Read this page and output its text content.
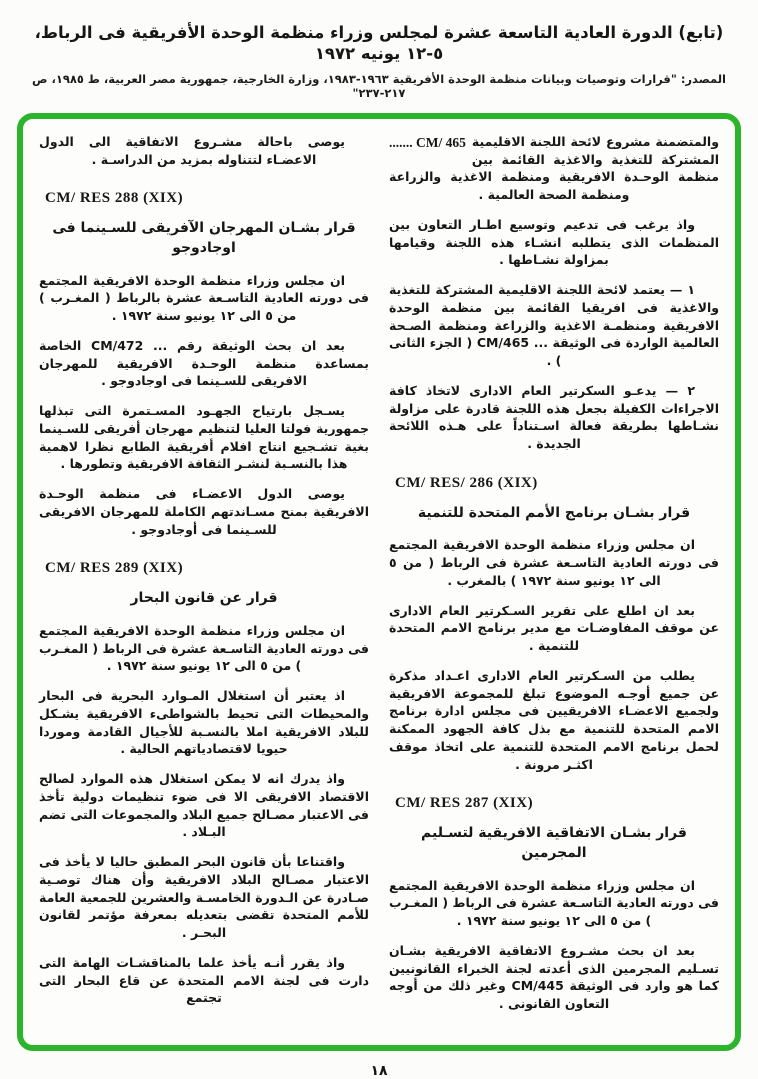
(تابع) الدورة العادية التاسعة عشرة لمجلس وزراء منظمة الوحدة الأفريقية فى الرباط، ٥-١٢ يونيه ١٩٧٢
المصدر: "قرارات وتوصيات وبيانات منظمة الوحدة الأفريقية ١٩٦٣-١٩٨٣، وزارة الخارجية، جمهورية مصر العربية، ط ١٩٨٥، ص ٢١٧-٢٣٧"

....... CM/ 465 والمتضمنة مشروع لائحة اللجنة الاقليمية المشتركة للتغذية والاغذية القائمة بين منظمة الوحـدة الافريقية ومنظمة الاغذية والزراعة ومنظمة الصحة العالمية .

واذ يرغب فى تدعيم وتوسيع اطـار التعاون بين المنظمات الذى يتطلبه انشـاء هذه اللجنة وقيامها بمزاولة نشـاطها .

١ — يعتمد لائحة اللجنة الاقليمية المشتركة للتغذية والاغذية فى افريقيا القائمة بين منظمة الوحدة الافريقية ومنظمـة الاغذية والزراعة ومنظمة الصـحة العالمية الواردة فى الوثيقة ... CM/465 ( الجزء الثانى ) .

٢ — يدعـو السكرتير العام الادارى لاتخاذ كافة الاجراءات الكفيلة بجعل هذه اللجنة قادرة على مزاولة نشـاطها بطريقة فعالة اسـتناداً على هـذه اللائحة الجديدة .

CM/ RES/ 286 (XIX)
قرار بشـان برنامج الأمم المتحدة للتنمية

ان مجلس وزراء منظمة الوحدة الافريقية المجتمع فى دورته العادية التاسـعة عشرة فى الرباط ( من ٥ الى ١٢ يونيو سنة ١٩٧٢ ) بالمغرب .

بعد ان اطلع على تقرير السـكرتير العام الادارى عن موقف المفاوضـات مع مدير برنامج الامم المتحدة للتنمية .

يطلب من السـكرتير العام الادارى اعـداد مذكرة عن جميع أوجـه الموضوع تبلغ للمجموعة الافريقية ولجميع الاعضـاء الافريقيين فى مجلس ادارة برنامج الامم المتحدة للتنمية مع بذل كافة الجهود الممكنة لحمل برنامج الامم المتحدة للتنمية على اتخاذ موقف اكثـر مرونة .

CM/ RES 287 (XIX)
قرار بشـان الاتفاقية الافريقية لتسـليم المجرمين

ان مجلس وزراء منظمة الوحدة الافريقية المجتمع فى دورته العادية التاسـعة عشرة فى الرباط ( المغـرب ) من ٥ الى ١٢ يونيو سنة ١٩٧٢ .

بعد ان بحث مشـروع الاتفاقية الافريقية بشـان تسـليم المجرمين الذى أعدته لجنة الخبراء القانونيين كما هو وارد فى الوثيقة CM/445 وغير ذلك من أوجه التعاون القانونى .

يوصى باحالة مشـروع الاتفاقية الى الدول الاعضـاء لتتناوله بمزيد من الدراسـة .

CM/ RES 288 (XIX)
قرار بشـان المهرجان الآفريقى للسـينما فى اوجادوجو

ان مجلس وزراء منظمة الوحدة الافريقية المجتمع فى دورته العادية التاسـعة عشرة بالرباط ( المغـرب ) من ٥ الى ١٢ يونيو سنة ١٩٧٢ .

بعد ان بحث الوثيقة رقم ... CM/472 الخاصة بمساعدة منظمة الوحـدة الافريقية للمهرجان الافريقى للسـينما فى اوجادوجو .

يسـجل بارتياح الجهـود المسـتمرة التى تبذلها جمهورية فولتا العليا لتنظيم مهرجان أفريقى للسـينما بغية تشـجيع انتاج افلام أفريقية الطابع نظرا لاهمية هذا بالنسـبة لنشـر الثقافة الافريقية وتطورها .

يوصى الدول الاعضـاء فى منظمة الوحـدة الافريقية بمنح مسـاندتهم الكاملة للمهرجان الافريقى للسـينما فى أوجادوجو .

CM/ RES 289 (XIX)
قرار عن قانون البحار

ان مجلس وزراء منظمة الوحدة الافريقية المجتمع فى دورته العادية التاسـعة عشرة فى الرباط ( المغـرب ) من ٥ الى ١٢ يونيو سنة ١٩٧٢ .

اذ يعتبر أن استغلال المـوارد البحرية فى البحار والمحيطات التى تحيط بالشواطىء الافريقية يشـكل للبلاد الافريقية املا بالنسـبة للأجيال القادمة وموردا حيويا لاقتصادياتهم الحالية .

واذ يدرك انه لا يمكن استغلال هذه الموارد لصالح الاقتصاد الافريقى الا فى ضوء تنظيمات دولية تأخذ فى الاعتبار مصـالح جميع البلاد والمجموعات التى تضم البـلاد .

واقتناعا بأن قانون البحر المطبق حاليا لا يأخذ فى الاعتبار مصـالح البلاد الافريقية وأن هناك توصـية صـادرة عن الـدورة الخامسـة والعشرين للجمعية العامة للأمم المتحدة تقضى بتعديله بمعرفة مؤتمر لقانون البحـر .

واذ يقرر أنـه يأخذ علما بالمناقشـات الهامة التى دارت فى لجنة الامم المتحدة عن قاع البحار التى تجتمع

١٨
